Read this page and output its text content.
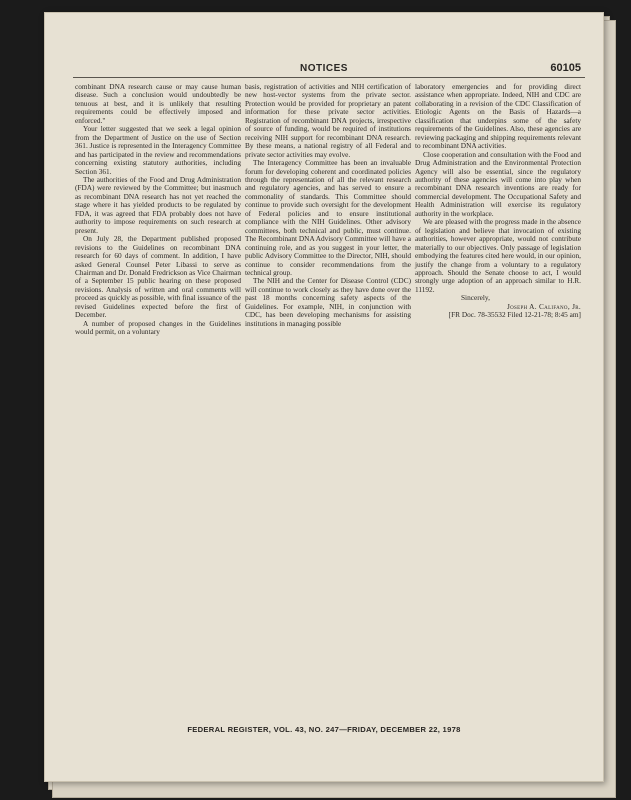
NOTICES	60105

combinant DNA research cause or may cause human disease. Such a conclusion would undoubtedly be tenuous at best, and it is unlikely that resulting requirements could be effectively imposed and enforced."

Your letter suggested that we seek a legal opinion from the Department of Justice on the use of Section 361. Justice is represented in the Interagency Committee and has participated in the review and recommendations concerning existing statutory authorities, including Section 361.

The authorities of the Food and Drug Administration (FDA) were reviewed by the Committee; but inasmuch as recombinant DNA research has not yet reached the stage where it has yielded products to be regulated by FDA, it was agreed that FDA probably does not have authority to impose requirements on such research at present.

On July 28, the Department published proposed revisions to the Guidelines on recombinant DNA research for 60 days of comment. In addition, I have asked General Counsel Peter Libassi to serve as Chairman and Dr. Donald Fredrickson as Vice Chairman of a September 15 public hearing on these proposed revisions. Analysis of written and oral comments will proceed as quickly as possible, with final issuance of the revised Guidelines expected before the first of December.

A number of proposed changes in the Guidelines would permit, on a voluntary

basis, registration of activities and NIH certification of new host-vector systems from the private sector. Protection would be provided for proprietary an patent information for these private sector activities. Registration of recombinant DNA projects, irrespective of source of funding, would be required of institutions receiving NIH support for recombinant DNA research. By these means, a national registry of all Federal and private sector activities may evolve.

The Interagency Committee has been an invaluable forum for developing coherent and coordinated policies through the representation of all the relevant research and regulatory agencies, and has served to ensure a commonality of standards. This Committee should continue to provide such oversight for the development of Federal policies and to ensure institutional compliance with the NIH Guidelines. Other advisory committees, both technical and public, must continue. The Recombinant DNA Advisory Committee will have a continuing role, and as you suggest in your letter, the public Advisory Committee to the Director, NIH, should continue to consider recommendations from the technical group.

The NIH and the Center for Disease Control (CDC) will continue to work closely as they have done over the past 18 months concerning safety aspects of the Guidelines. For example, NIH, in conjunction with CDC, has been developing mechanisms for assisting institutions in managing possible

laboratory emergencies and for providing direct assistance when appropriate. Indeed, NIH and CDC are collaborating in a revision of the CDC Classification of Etiologic Agents on the Basis of Hazards—a classification that underpins some of the safety requirements of the Guidelines. Also, these agencies are reviewing packaging and shipping requirements relevant to recombinant DNA activities.

Close cooperation and consultation with the Food and Drug Administration and the Environmental Protection Agency will also be essential, since the regulatory authority of these agencies will come into play when recombinant DNA research inventions are ready for commercial development. The Occupational Safety and Health Administration will exercise its regulatory authority in the workplace.

We are pleased with the progress made in the absence of legislation and believe that invocation of existing authorities, however appropriate, would not contribute materially to our objectives. Only passage of legislation embodying the features cited here would, in our opinion, justify the change from a voluntary to a regulatory approach. Should the Senate choose to act, I would strongly urge adoption of an approach similar to H.R. 11192.

Sincerely,

Joseph A. Califano, Jr.

[FR Doc. 78-35532 Filed 12-21-78; 8:45 am]

FEDERAL REGISTER, VOL. 43, NO. 247—FRIDAY, DECEMBER 22, 1978
